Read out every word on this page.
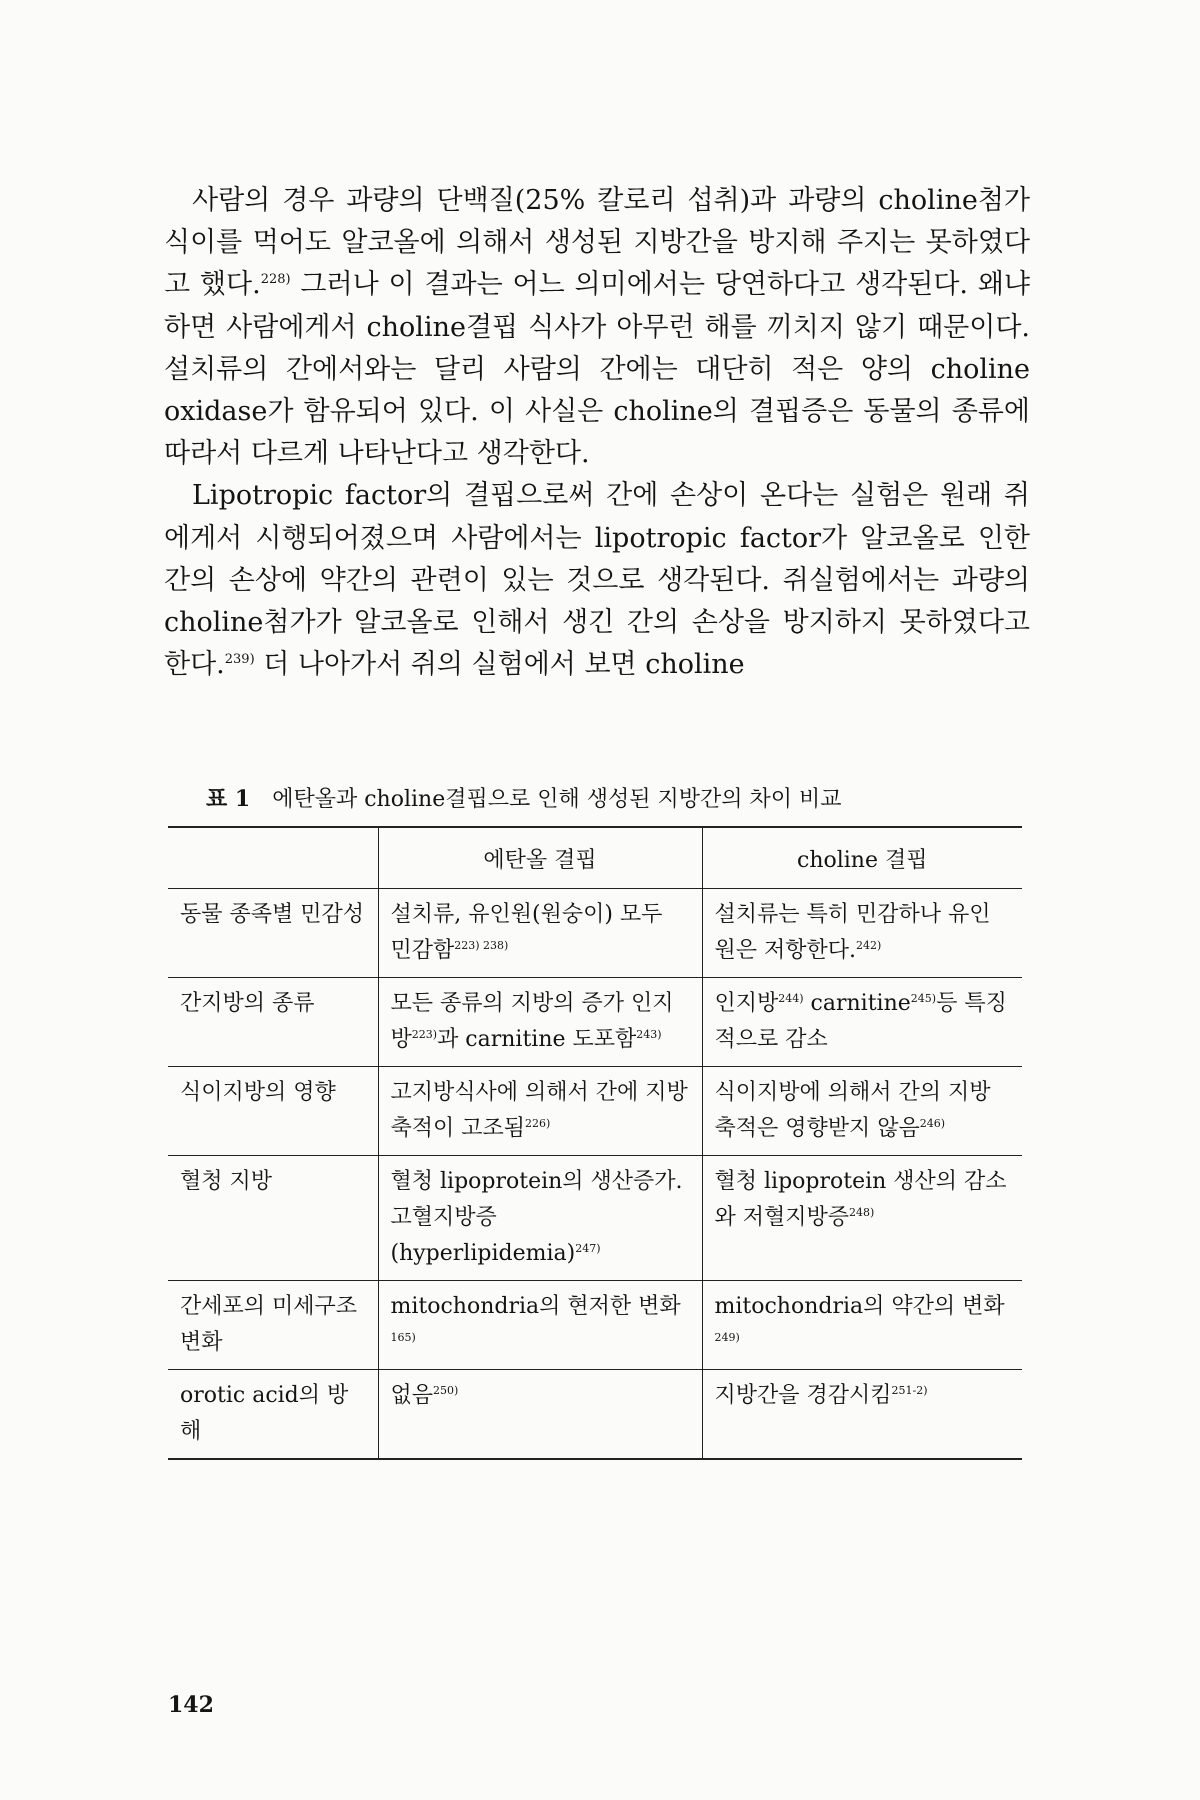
사람의 경우 과량의 단백질(25% 칼로리 섭취)과 과량의 choline첨가 식이를 먹어도 알코올에 의해서 생성된 지방간을 방지해 주지는 못하였다고 했다.$^{228)}$ 그러나 이 결과는 어느 의미에서는 당연하다고 생각된다. 왜냐하면 사람에게서 choline결핍 식사가 아무런 해를 끼치지 않기 때문이다. 설치류의 간에서와는 달리 사람의 간에는 대단히 적은 양의 choline oxidase가 함유되어 있다. 이 사실은 choline의 결핍증은 동물의 종류에 따라서 다르게 나타난다고 생각한다.

Lipotropic factor의 결핍으로써 간에 손상이 온다는 실험은 원래 쥐에게서 시행되어졌으며 사람에서는 lipotropic factor가 알코올로 인한 간의 손상에 약간의 관련이 있는 것으로 생각된다. 쥐실험에서는 과량의 choline첨가가 알코올로 인해서 생긴 간의 손상을 방지하지 못하였다고 한다.$^{239)}$ 더 나아가서 쥐의 실험에서 보면 choline

표 1 에탄올과 choline결핍으로 인해 생성된 지방간의 차이 비교
	에탄올 결핍	choline 결핍
동물 종족별 민감성	설치류, 유인원(원숭이) 모두 민감함$^{223) 238)}$	설치류는 특히 민감하나 유인원은 저항한다.$^{242)}$
간지방의 종류	모든 종류의 지방의 증가 인지방$^{223)}$과 carnitine 도포함$^{243)}$	인지방$^{244)}$ carnitine$^{245)}$등 특징적으로 감소
식이지방의 영향	고지방식사에 의해서 간에 지방축적이 고조됨$^{226)}$	식이지방에 의해서 간의 지방축적은 영향받지 않음$^{246)}$
혈청 지방	혈청 lipoprotein의 생산증가. 고혈지방증(hyperlipidemia)$^{247)}$	혈청 lipoprotein 생산의 감소와 저혈지방증$^{248)}$
간세포의 미세구조 변화	mitochondria의 현저한 변화$^{165)}$	mitochondria의 약간의 변화$^{249)}$
orotic acid의 방해	없음$^{250)}$	지방간을 경감시킴$^{251-2)}$
142
